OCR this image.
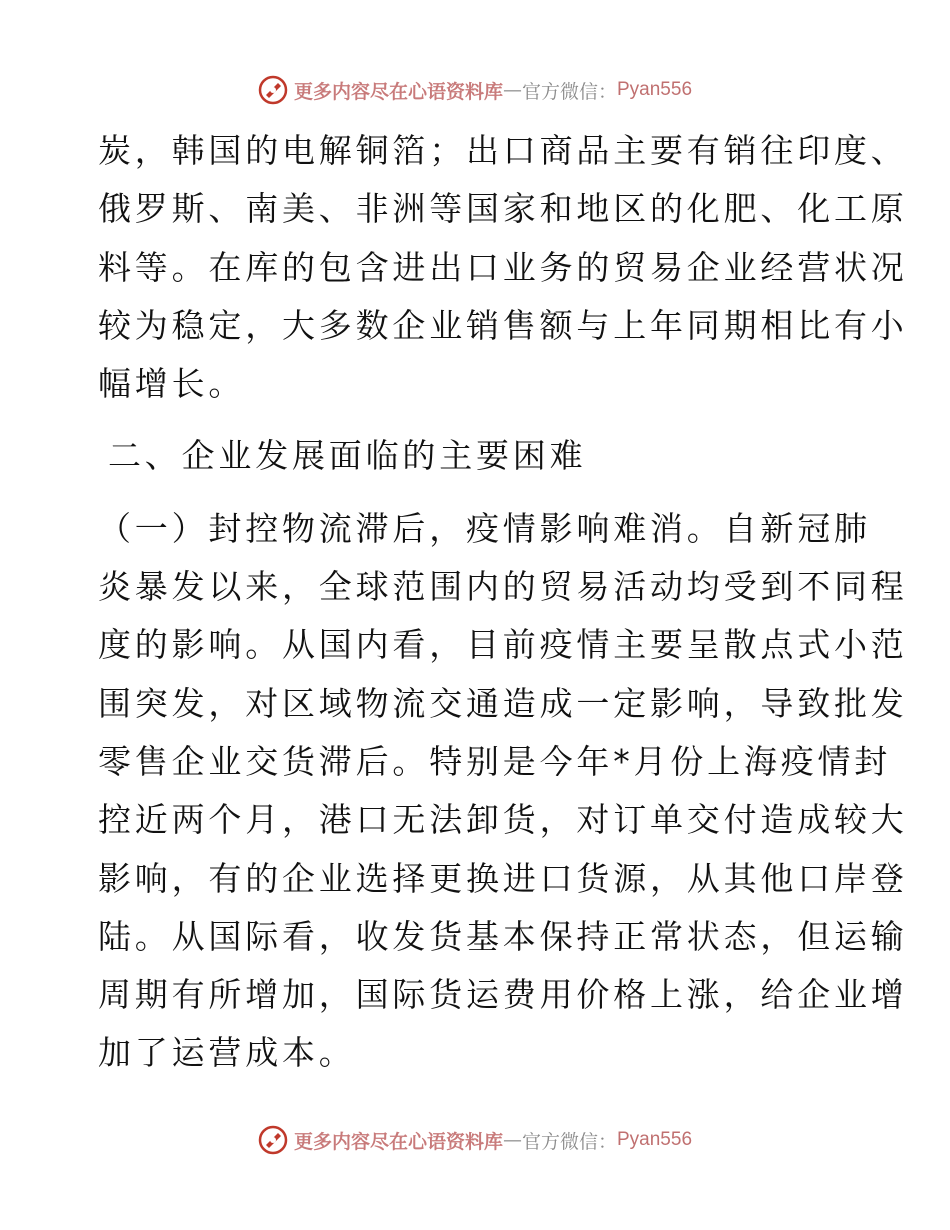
更多内容尽在心语资料库 — 官方微信： Pyan556
炭，韩国的电解铜箔；出口商品主要有销往印度、
俄罗斯、南美、非洲等国家和地区的化肥、化工原
料等。在库的包含进出口业务的贸易企业经营状况
较为稳定，大多数企业销售额与上年同期相比有小
幅增长。
二、企业发展面临的主要困难
（一）封控物流滞后，疫情影响难消。自新冠肺
炎暴发以来，全球范围内的贸易活动均受到不同程
度的影响。从国内看，目前疫情主要呈散点式小范
围突发，对区域物流交通造成一定影响，导致批发
零售企业交货滞后。特别是今年*月份上海疫情封
控近两个月，港口无法卸货，对订单交付造成较大
影响，有的企业选择更换进口货源，从其他口岸登
陆。从国际看，收发货基本保持正常状态，但运输
周期有所增加，国际货运费用价格上涨，给企业增
加了运营成本。
更多内容尽在心语资料库 — 官方微信： Pyan556
